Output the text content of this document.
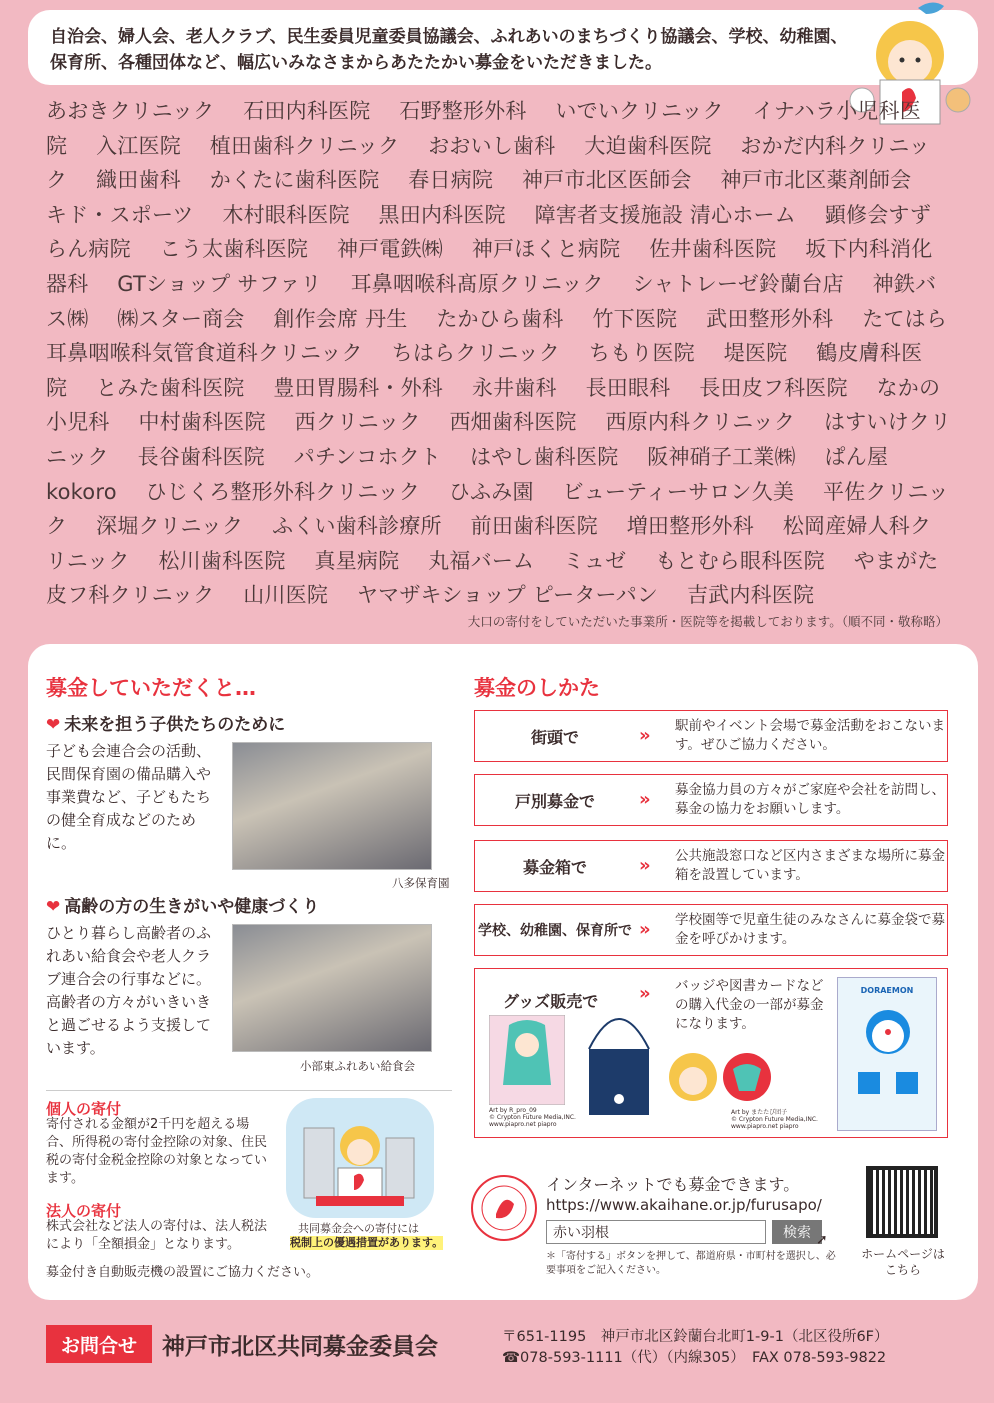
自治会、婦人会、老人クラブ、民生委員児童委員協議会、ふれあいのまちづくり協議会、学校、幼稚園、保育所、各種団体など、幅広いみなさまからあたたかい募金をいただきました。
あおきクリニック 石田内科医院 石野整形外科 いでいクリニック イナハラ小児科医院 入江医院 植田歯科クリニック おおいし歯科 大迫歯科医院 おかだ内科クリニック 織田歯科 かくたに歯科医院 春日病院 神戸市北区医師会 神戸市北区薬剤師会 キド・スポーツ 木村眼科医院 黒田内科医院 障害者支援施設 清心ホーム 顕修会すずらん病院 こう太歯科医院 神戸電鉄㈱ 神戸ほくと病院 佐井歯科医院 坂下内科消化器科 GTショップ サファリ 耳鼻咽喉科髙原クリニック シャトレーゼ鈴蘭台店 神鉄バス㈱ ㈱スター商会 創作会席 丹生 たかひら歯科 竹下医院 武田整形外科 たてはら耳鼻咽喉科気管食道科クリニック ちはらクリニック ちもり医院 堤医院 鶴皮膚科医院 とみた歯科医院 豊田胃腸科・外科 永井歯科 長田眼科 長田皮フ科医院 なかの小児科 中村歯科医院 西クリニック 西畑歯科医院 西原内科クリニック はすいけクリニック 長谷歯科医院 パチンコホクト はやし歯科医院 阪神硝子工業㈱ ぱん屋kokoro ひじくろ整形外科クリニック ひふみ園 ビューティーサロン久美 平佐クリニック 深堀クリニック ふくい歯科診療所 前田歯科医院 増田整形外科 松岡産婦人科クリニック 松川歯科医院 真星病院 丸福バーム ミュゼ もとむら眼科医院 やまがた皮フ科クリニック 山川医院 ヤマザキショップ ピーターパン 吉武内科医院
大口の寄付をしていただいた事業所・医院等を掲載しております。（順不同・敬称略）
募金していただくと…
❤ 未来を担う子供たちのために
子ども会連合会の活動、民間保育園の備品購入や事業費など、子どもたちの健全育成などのために。
八多保育園
❤ 高齢の方の生きがいや健康づくり
ひとり暮らし高齢者のふれあい給食会や老人クラブ連合会の行事などに。高齢者の方々がいきいきと過ごせるよう支援しています。
小部東ふれあい給食会
個人の寄付
寄付される金額が2千円を超える場合、所得税の寄付金控除の対象、住民税の寄付金税金控除の対象となっています。
法人の寄付
株式会社など法人の寄付は、法人税法により「全額損金」となります。
募金付き自動販売機の設置にご協力ください。
共同募金会への寄付には
税制上の優遇措置があります。
募金のしかた
街頭で	» 駅前やイベント会場で募金活動をおこないます。ぜひご協力ください。
戸別募金で	» 募金協力員の方々がご家庭や会社を訪問し、募金の協力をお願いします。
募金箱で	» 公共施設窓口など区内さまざまな場所に募金箱を設置しています。
学校、幼稚園、保育所で » 学校園等で児童生徒のみなさんに募金袋で募金を呼びかけます。
グッズ販売で » バッジや図書カードなどの購入代金の一部が募金になります。
Art by R_pro_09
© Crypton Future Media,INC.
www.piapro.net piapro
Art by またたび団子
© Crypton Future Media,INC.
www.piapro.net piapro
DORAEMON
インターネットでも募金できます。
https://www.akaihane.or.jp/furusapo/
赤い羽根
検索 ➚
＊「寄付する」ボタンを押して、都道府県・市町村を選択し、必要事項をご記入ください。
ホームページは
こちら
お問合せ	神戸市北区共同募金委員会	〒651-1195　神戸市北区鈴蘭台北町1-9-1（北区役所6F）
☎078-593-1111（代）（内線305）　FAX 078-593-9822
